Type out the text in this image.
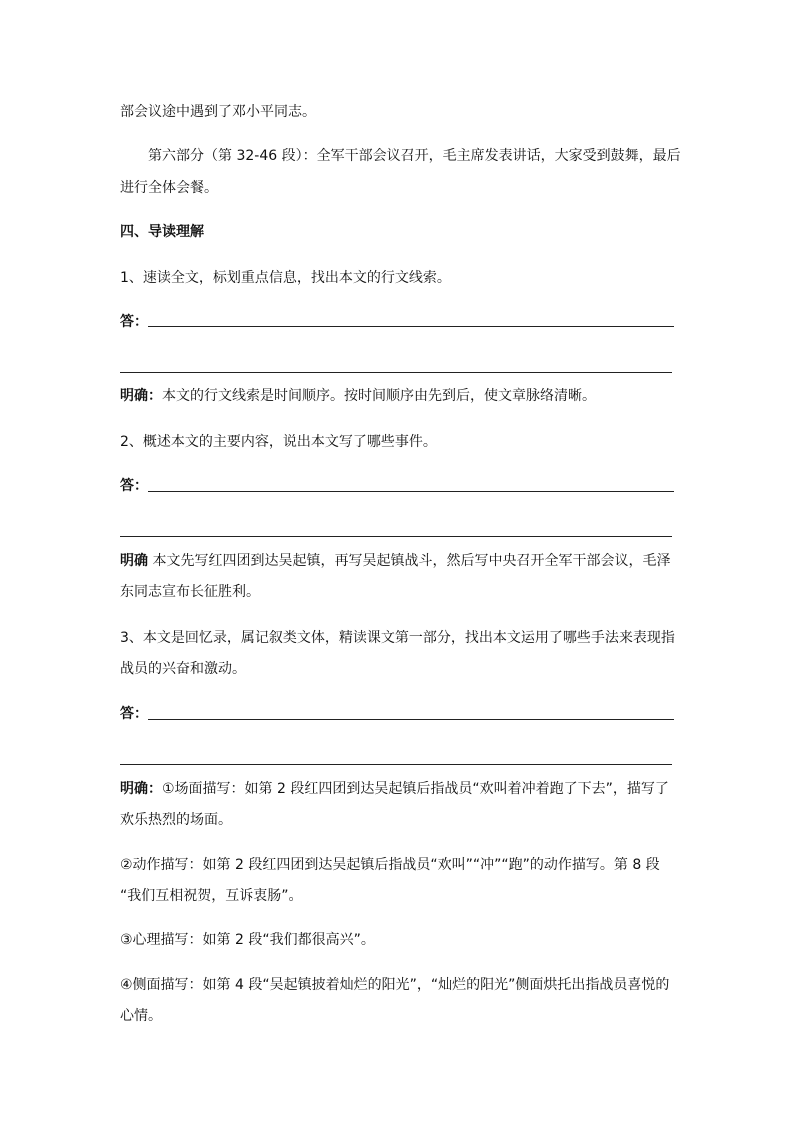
部会议途中遇到了邓小平同志。
第六部分（第 32-46 段）：全军干部会议召开，毛主席发表讲话，大家受到鼓舞，最后
进行全体会餐。
四、导读理解
1、速读全文，标划重点信息，找出本文的行文线索。
答：
明确：本文的行文线索是时间顺序。按时间顺序由先到后，使文章脉络清晰。
2、概述本文的主要内容，说出本文写了哪些事件。
答：
明确 本文先写红四团到达吴起镇，再写吴起镇战斗，然后写中央召开全军干部会议，毛泽
东同志宣布长征胜利。
3、本文是回忆录，属记叙类文体，精读课文第一部分，找出本文运用了哪些手法来表现指
战员的兴奋和激动。
答：
明确：①场面描写：如第 2 段红四团到达吴起镇后指战员“欢叫着冲着跑了下去”，描写了
欢乐热烈的场面。
②动作描写：如第 2 段红四团到达吴起镇后指战员“欢叫”“冲”“跑”的动作描写。第 8 段
“我们互相祝贺，互诉衷肠”。
③心理描写：如第 2 段“我们都很高兴”。
④侧面描写：如第 4 段“吴起镇披着灿烂的阳光”，“灿烂的阳光”侧面烘托出指战员喜悦的
心情。
